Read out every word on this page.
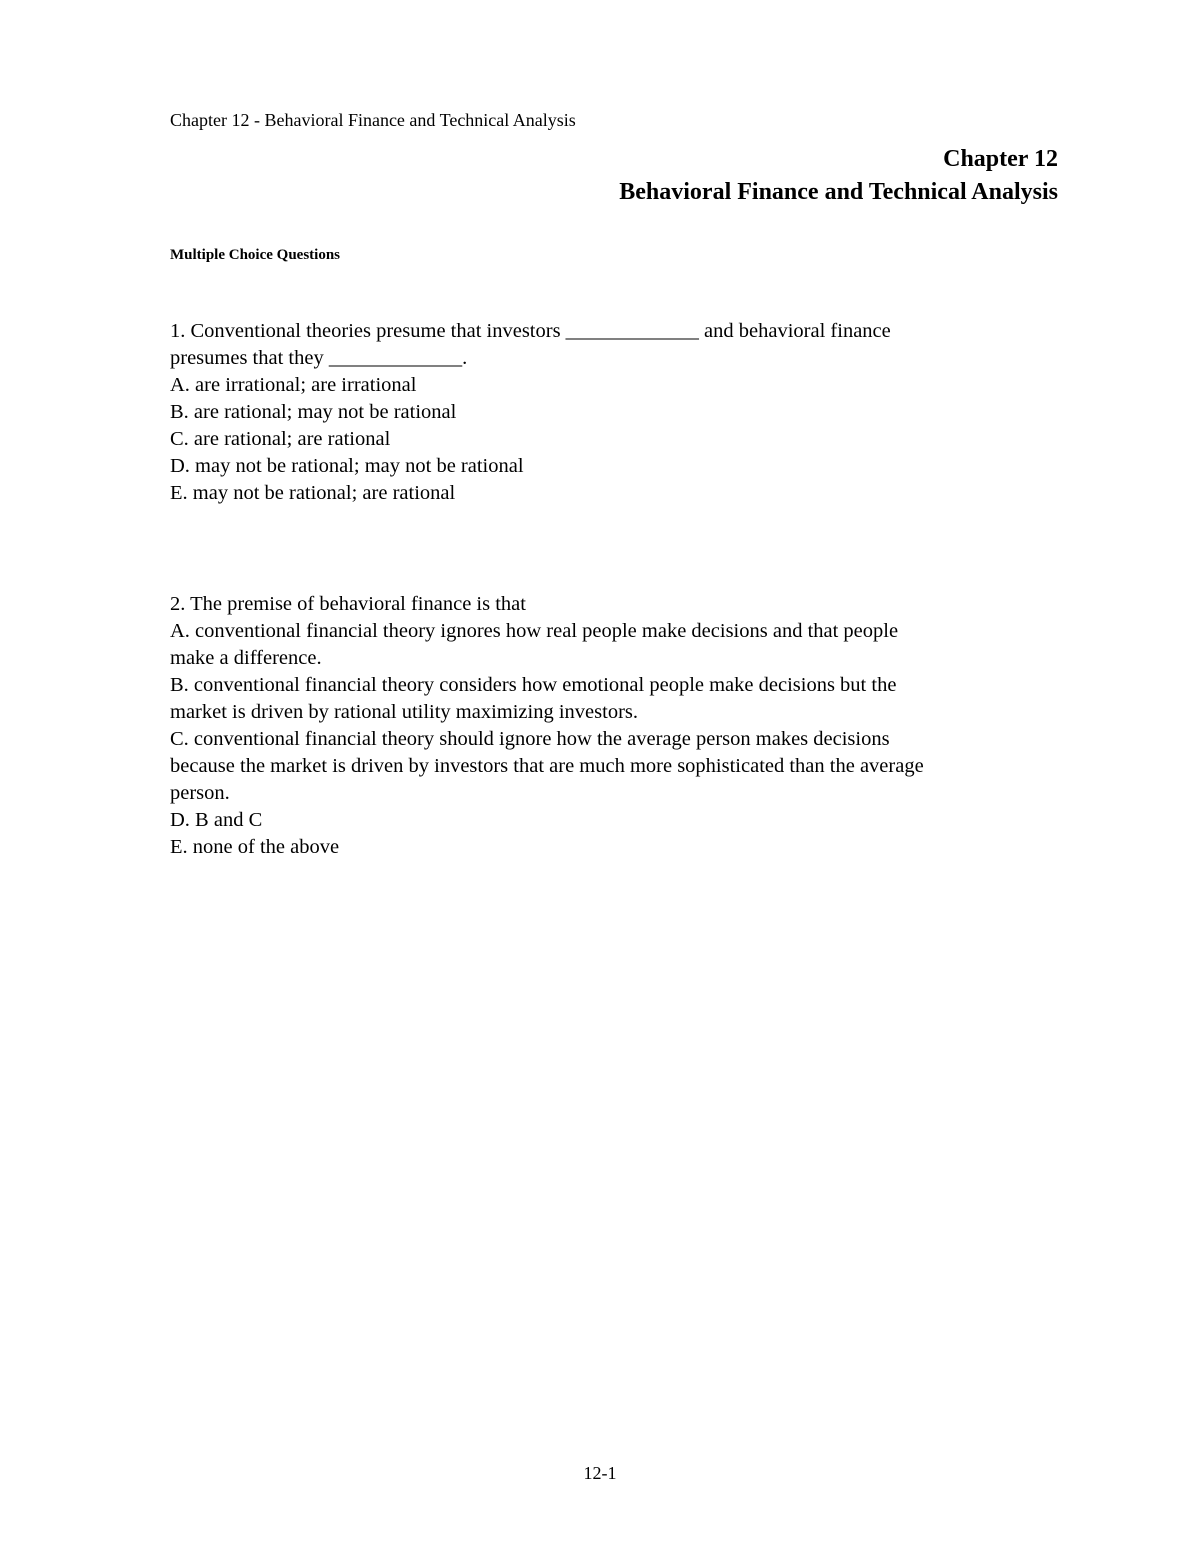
Chapter 12 - Behavioral Finance and Technical Analysis
Chapter 12
Behavioral Finance and Technical Analysis
Multiple Choice Questions
1. Conventional theories presume that investors _____________ and behavioral finance
presumes that they _____________.
A. are irrational; are irrational
B. are rational; may not be rational
C. are rational; are rational
D. may not be rational; may not be rational
E. may not be rational; are rational
2. The premise of behavioral finance is that
A. conventional financial theory ignores how real people make decisions and that people
make a difference.
B. conventional financial theory considers how emotional people make decisions but the
market is driven by rational utility maximizing investors.
C. conventional financial theory should ignore how the average person makes decisions
because the market is driven by investors that are much more sophisticated than the average
person.
D. B and C
E. none of the above
12-1
